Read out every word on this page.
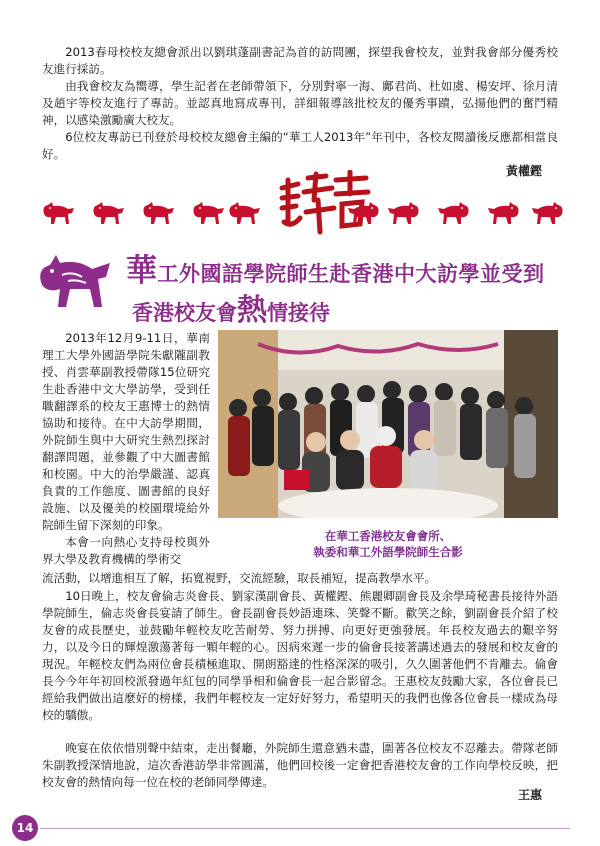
2013春母校校友總會派出以劉琪蓬副書記為首的訪問團，探望我會校友，並對我會部分優秀校友進行採訪。

由我會校友為嚮導，學生記者在老師帶領下，分別對寧一海、鄺君尚、杜如虞、楊安坪、徐月清及趙宇等校友進行了專訪。並認真地寫成專刊，詳細報導該批校友的優秀事蹟，弘揚他們的奮鬥精神，以感染激勵廣大校友。

6位校友專訪已刊登於母校校友總會主編的“華工人2013年”年刊中，各校友閱讀後反應都相當良好。

黃權鏗
華工外國語學院師生赴香港中大訪學並受到
香港校友會熱情接待

2013年12月9-11日，華南理工大學外國語學院朱獻隴副教授、肖雲華副教授帶隊15位研究生赴香港中文大學訪學，受到任職翻譯系的校友王惠博士的熱情協助和接待。在中大訪學期間，外院師生與中大研究生熱烈探討翻譯問題，並參觀了中大圖書館和校園。中大的治學嚴謹、認真負責的工作態度、圖書館的良好設施、以及優美的校園環境給外院師生留下深刻的印象。

本會一向熱心支持母校與外界大學及教育機構的學術交

在華工香港校友會會所、
執委和華工外語學院師生合影

流活動，以增進相互了解，拓寬視野，交流經驗，取長補短，提高教學水平。

10日晚上，校友會倫志炎會長、劉家漢副會長、黃權鏗、熊麗卿副會長及余學琦秘書長接待外語學院師生，倫志炎會長宴請了師生。會長副會長妙語連珠、笑聲不斷。歡笑之餘，劉副會長介紹了校友會的成長歷史，並鼓勵年輕校友吃苦耐勞、努力拼搏、向更好更強發展。年長校友過去的艱辛努力，以及今日的輝煌激蕩著每一顆年輕的心。因病來遲一步的倫會長接著講述過去的發展和校友會的現況。年輕校友們為兩位會長積極進取、開朗豁達的性格深深的吸引，久久圍著他們不肯離去。倫會長今今年年初回校派發過年紅包的同學爭相和倫會長一起合影留念。王惠校友鼓勵大家，各位會長已經給我們做出這麼好的榜樣，我們年輕校友一定好好努力，希望明天的我們也像各位會長一樣成為母校的驕傲。

晚宴在依依惜別聲中結束，走出餐廳，外院師生還意猶未盡，圍著各位校友不忍離去。帶隊老師朱副教授深情地說，這次香港訪學非常圓滿，他們回校後一定會把香港校友會的工作向學校反映，把校友會的熱情向每一位在校的老師同學傳達。

王惠
14
